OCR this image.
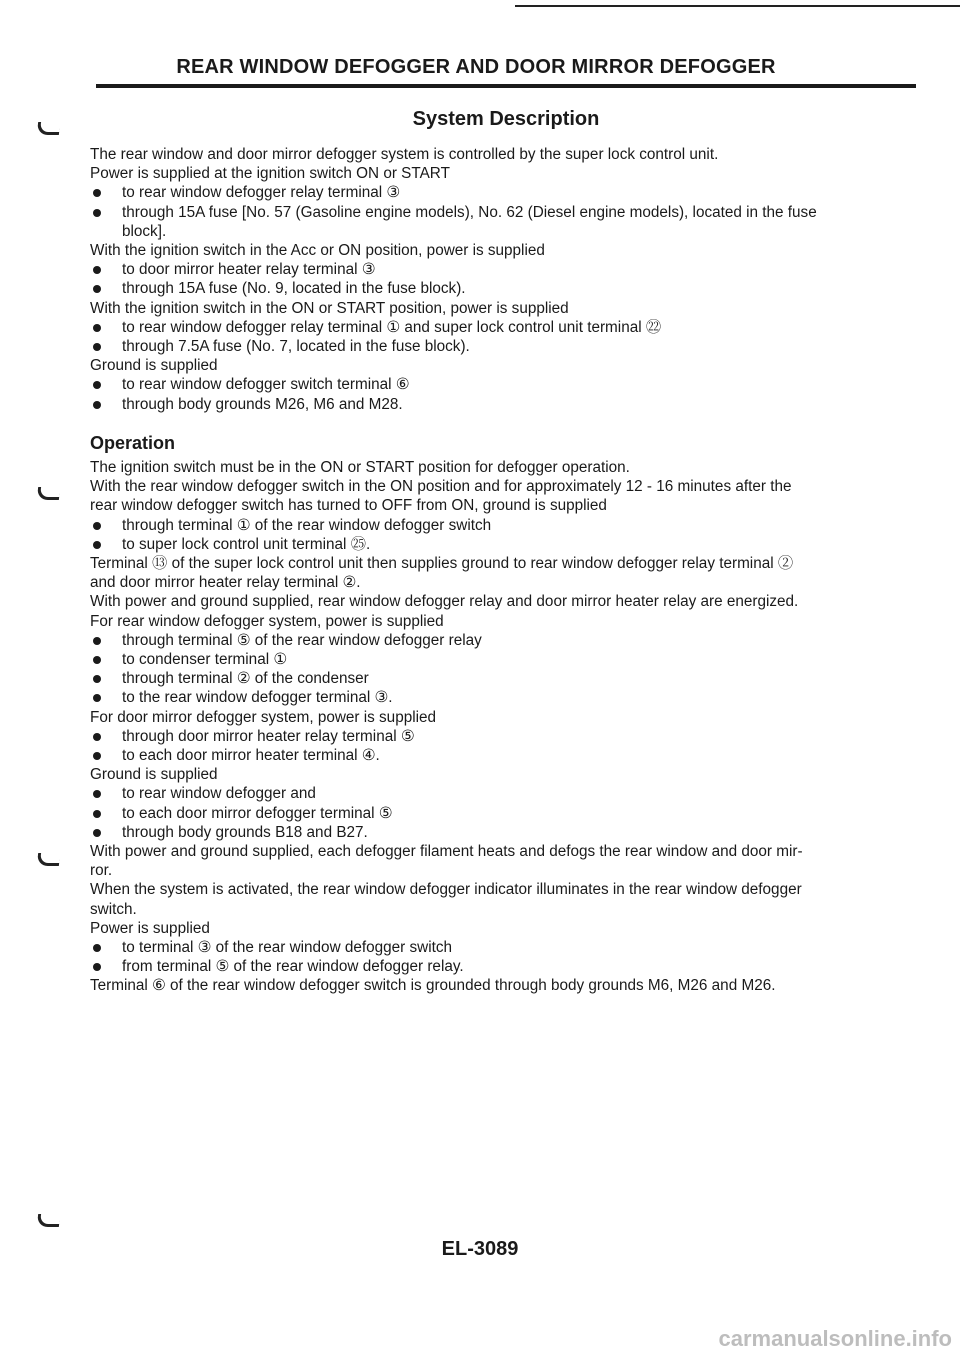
REAR WINDOW DEFOGGER AND DOOR MIRROR DEFOGGER
System Description
The rear window and door mirror defogger system is controlled by the super lock control unit.
Power is supplied at the ignition switch ON or START
to rear window defogger relay terminal ③
through 15A fuse [No. 57 (Gasoline engine models), No. 62 (Diesel engine models), located in the fuse
block].
With the ignition switch in the Acc or ON position, power is supplied
to door mirror heater relay terminal ③
through 15A fuse (No. 9, located in the fuse block).
With the ignition switch in the ON or START position, power is supplied
to rear window defogger relay terminal ① and super lock control unit terminal ㉒
through 7.5A fuse (No. 7, located in the fuse block).
Ground is supplied
to rear window defogger switch terminal ⑥
through body grounds M26, M6 and M28.
Operation
The ignition switch must be in the ON or START position for defogger operation.
With the rear window defogger switch in the ON position and for approximately 12 - 16 minutes after the
rear window defogger switch has turned to OFF from ON, ground is supplied
through terminal ① of the rear window defogger switch
to super lock control unit terminal ㉕.
Terminal ⑬ of the super lock control unit then supplies ground to rear window defogger relay terminal ②
and door mirror heater relay terminal ②.
With power and ground supplied, rear window defogger relay and door mirror heater relay are energized.
For rear window defogger system, power is supplied
through terminal ⑤ of the rear window defogger relay
to condenser terminal ①
through terminal ② of the condenser
to the rear window defogger terminal ③.
For door mirror defogger system, power is supplied
through door mirror heater relay terminal ⑤
to each door mirror heater terminal ④.
Ground is supplied
to rear window defogger and
to each door mirror defogger terminal ⑤
through body grounds B18 and B27.
With power and ground supplied, each defogger filament heats and defogs the rear window and door mir-
ror.
When the system is activated, the rear window defogger indicator illuminates in the rear window defogger
switch.
Power is supplied
to terminal ③ of the rear window defogger switch
from terminal ⑤ of the rear window defogger relay.
Terminal ⑥ of the rear window defogger switch is grounded through body grounds M6, M26 and M26.
EL-3089
carmanualsonline.info
